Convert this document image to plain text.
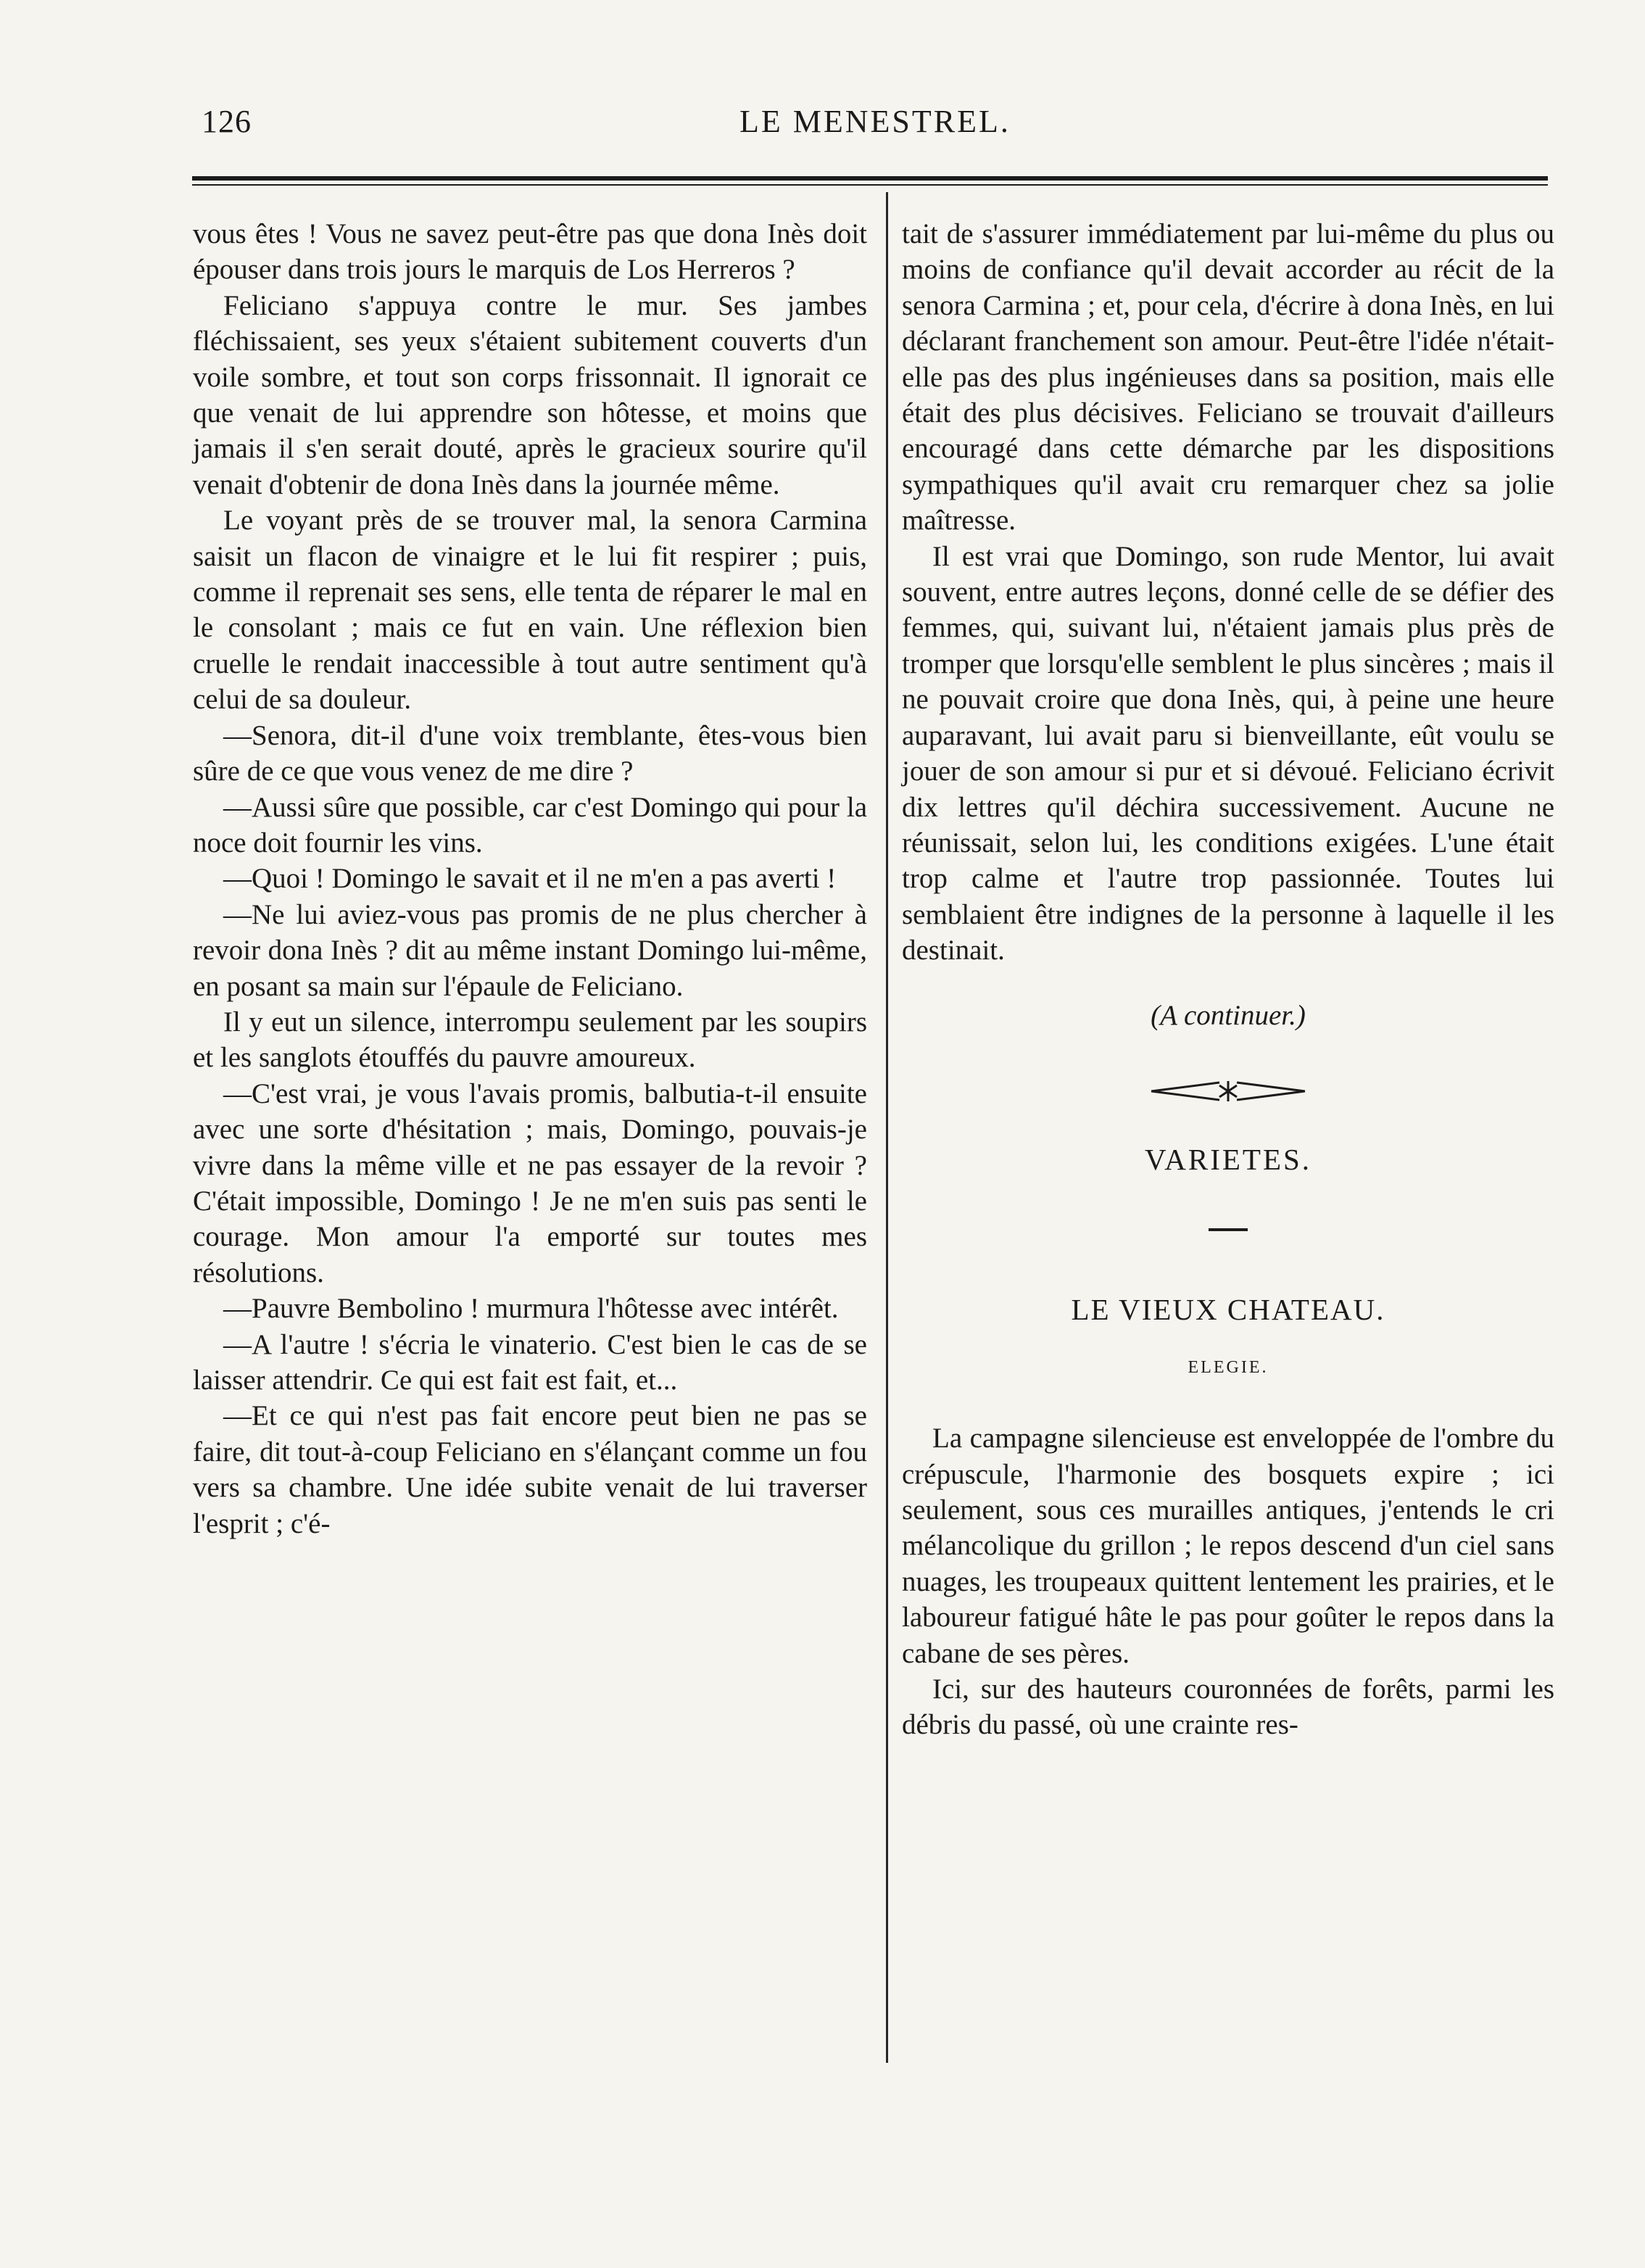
126	LE MENESTREL.

vous êtes ! Vous ne savez peut-être pas que dona Inès doit épouser dans trois jours le marquis de Los Herreros ?

Feliciano s'appuya contre le mur. Ses jambes fléchissaient, ses yeux s'étaient subitement couverts d'un voile sombre, et tout son corps frissonnait. Il ignorait ce que venait de lui apprendre son hôtesse, et moins que jamais il s'en serait douté, après le gracieux sourire qu'il venait d'obtenir de dona Inès dans la journée même.

Le voyant près de se trouver mal, la senora Carmina saisit un flacon de vinaigre et le lui fit respirer ; puis, comme il reprenait ses sens, elle tenta de réparer le mal en le consolant ; mais ce fut en vain. Une réflexion bien cruelle le rendait inaccessible à tout autre sentiment qu'à celui de sa douleur.

—Senora, dit-il d'une voix tremblante, êtes-vous bien sûre de ce que vous venez de me dire ?

—Aussi sûre que possible, car c'est Domingo qui pour la noce doit fournir les vins.

—Quoi ! Domingo le savait et il ne m'en a pas averti !

—Ne lui aviez-vous pas promis de ne plus chercher à revoir dona Inès ? dit au même instant Domingo lui-même, en posant sa main sur l'épaule de Feliciano.

Il y eut un silence, interrompu seulement par les soupirs et les sanglots étouffés du pauvre amoureux.

—C'est vrai, je vous l'avais promis, balbutia-t-il ensuite avec une sorte d'hésitation ; mais, Domingo, pouvais-je vivre dans la même ville et ne pas essayer de la revoir ? C'était impossible, Domingo ! Je ne m'en suis pas senti le courage. Mon amour l'a emporté sur toutes mes résolutions.

—Pauvre Bembolino ! murmura l'hôtesse avec intérêt.

—A l'autre ! s'écria le vinaterio. C'est bien le cas de se laisser attendrir. Ce qui est fait est fait, et...

—Et ce qui n'est pas fait encore peut bien ne pas se faire, dit tout-à-coup Feliciano en s'élançant comme un fou vers sa chambre. Une idée subite venait de lui traverser l'esprit ; c'é-

tait de s'assurer immédiatement par lui-même du plus ou moins de confiance qu'il devait accorder au récit de la senora Carmina ; et, pour cela, d'écrire à dona Inès, en lui déclarant franchement son amour. Peut-être l'idée n'était-elle pas des plus ingénieuses dans sa position, mais elle était des plus décisives. Feliciano se trouvait d'ailleurs encouragé dans cette démarche par les dispositions sympathiques qu'il avait cru remarquer chez sa jolie maîtresse.

Il est vrai que Domingo, son rude Mentor, lui avait souvent, entre autres leçons, donné celle de se défier des femmes, qui, suivant lui, n'étaient jamais plus près de tromper que lorsqu'elle semblent le plus sincères ; mais il ne pouvait croire que dona Inès, qui, à peine une heure auparavant, lui avait paru si bienveillante, eût voulu se jouer de son amour si pur et si dévoué. Feliciano écrivit dix lettres qu'il déchira successivement. Aucune ne réunissait, selon lui, les conditions exigées. L'une était trop calme et l'autre trop passionnée. Toutes lui semblaient être indignes de la personne à laquelle il les destinait.

(A continuer.)

VARIETES.

LE VIEUX CHATEAU.

ELEGIE.

La campagne silencieuse est enveloppée de l'ombre du crépuscule, l'harmonie des bosquets expire ; ici seulement, sous ces murailles antiques, j'entends le cri mélancolique du grillon ; le repos descend d'un ciel sans nuages, les troupeaux quittent lentement les prairies, et le laboureur fatigué hâte le pas pour goûter le repos dans la cabane de ses pères.

Ici, sur des hauteurs couronnées de forêts, parmi les débris du passé, où une crainte res-
